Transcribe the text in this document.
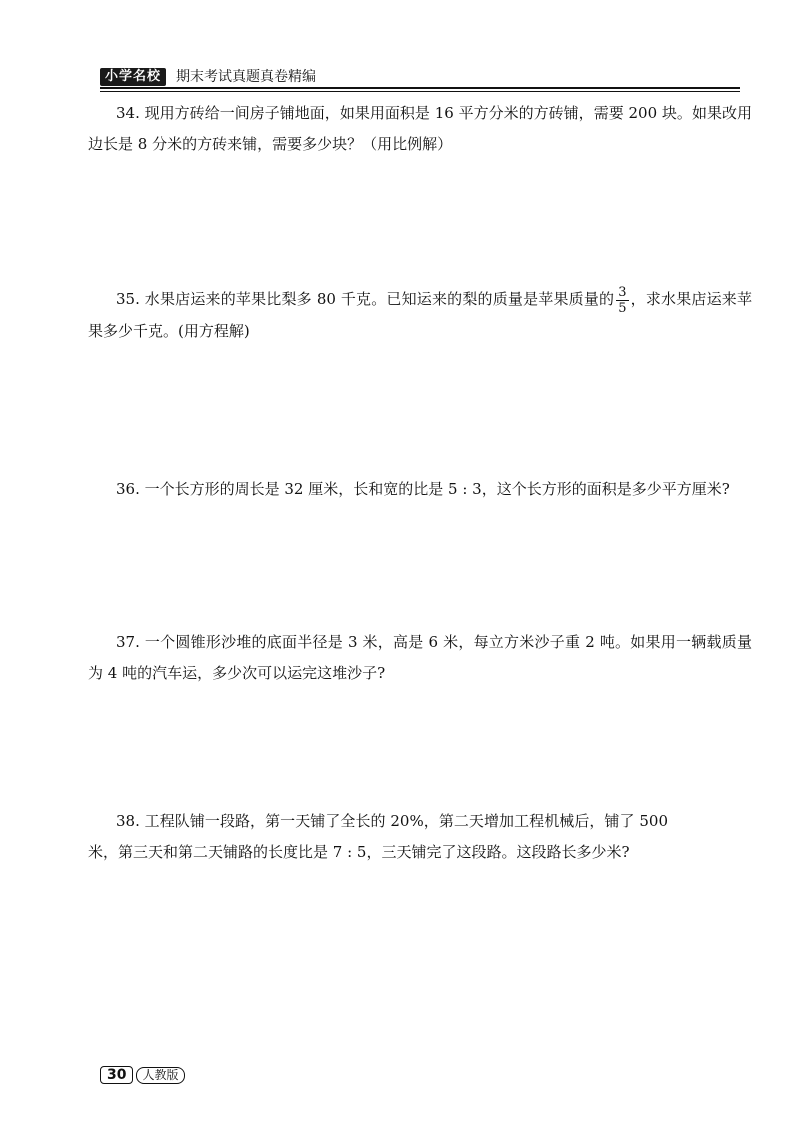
小学名校	期末考试真题真卷精编
34. 现用方砖给一间房子铺地面，如果用面积是 16 平方分米的方砖铺，需要 200 块。如果改用边长是 8 分米的方砖来铺，需要多少块？（用比例解）
35. 水果店运来的苹果比梨多 80 千克。已知运来的梨的质量是苹果质量的 $\frac{3}{5}$ ，求水果店运来苹果多少千克。(用方程解)
36. 一个长方形的周长是 32 厘米，长和宽的比是 5 : 3，这个长方形的面积是多少平方厘米?
37. 一个圆锥形沙堆的底面半径是 3 米，高是 6 米，每立方米沙子重 2 吨。如果用一辆载质量为 4 吨的汽车运，多少次可以运完这堆沙子?
38. 工程队铺一段路，第一天铺了全长的 20%，第二天增加工程机械后，铺了 500 米，第三天和第二天铺路的长度比是 7 : 5，三天铺完了这段路。这段路长多少米?
30 人教版
